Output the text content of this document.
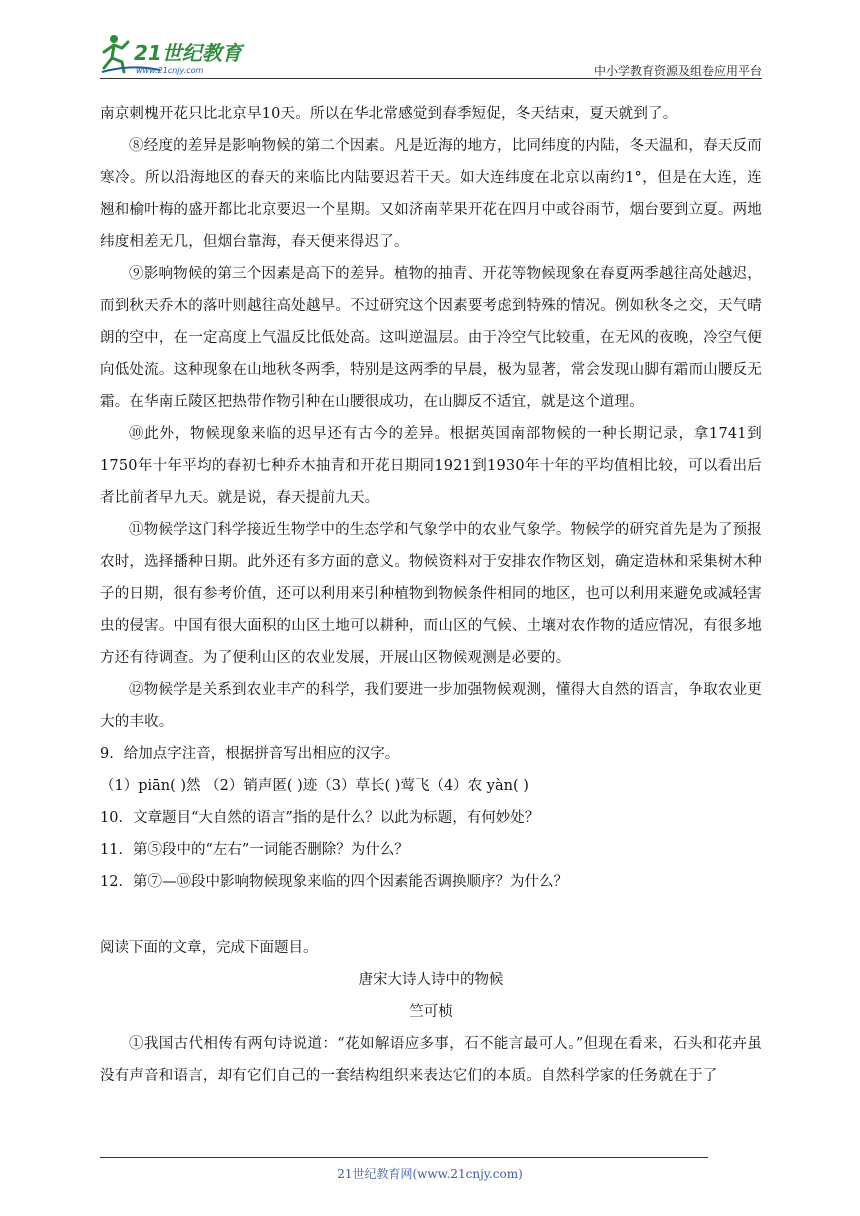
21世纪教育
www.21cnjy.com	中小学教育资源及组卷应用平台

南京刺槐开花只比北京早10天。所以在华北常感觉到春季短促，冬天结束，夏天就到了。

⑧经度的差异是影响物候的第二个因素。凡是近海的地方，比同纬度的内陆，冬天温和，春天反而寒冷。所以沿海地区的春天的来临比内陆要迟若干天。如大连纬度在北京以南约1°，但是在大连，连翘和榆叶梅的盛开都比北京要迟一个星期。又如济南苹果开花在四月中或谷雨节，烟台要到立夏。两地纬度相差无几，但烟台靠海，春天便来得迟了。

⑨影响物候的第三个因素是高下的差异。植物的抽青、开花等物候现象在春夏两季越往高处越迟，而到秋天乔木的落叶则越往高处越早。不过研究这个因素要考虑到特殊的情况。例如秋冬之交，天气晴朗的空中，在一定高度上气温反比低处高。这叫逆温层。由于冷空气比较重，在无风的夜晚，冷空气便向低处流。这种现象在山地秋冬两季，特别是这两季的早晨，极为显著，常会发现山脚有霜而山腰反无霜。在华南丘陵区把热带作物引种在山腰很成功，在山脚反不适宜，就是这个道理。

⑩此外，物候现象来临的迟早还有古今的差异。根据英国南部物候的一种长期记录，拿1741到1750年十年平均的春初七种乔木抽青和开花日期同1921到1930年十年的平均值相比较，可以看出后者比前者早九天。就是说，春天提前九天。

⑪物候学这门科学接近生物学中的生态学和气象学中的农业气象学。物候学的研究首先是为了预报农时，选择播种日期。此外还有多方面的意义。物候资料对于安排农作物区划，确定造林和采集树木种子的日期，很有参考价值，还可以利用来引种植物到物候条件相同的地区，也可以利用来避免或减轻害虫的侵害。中国有很大面积的山区土地可以耕种，而山区的气候、土壤对农作物的适应情况，有很多地方还有待调查。为了便利山区的农业发展，开展山区物候观测是必要的。

⑫物候学是关系到农业丰产的科学，我们要进一步加强物候观测，懂得大自然的语言，争取农业更大的丰收。

9．给加点字注音，根据拼音写出相应的汉字。

（1）piān( )然 （2）销声匿( )迹（3）草长( )莺飞（4）农 yàn( )

10．文章题目“大自然的语言”指的是什么？以此为标题，有何妙处？

11．第⑤段中的“左右”一词能否删除？为什么？

12．第⑦—⑩段中影响物候现象来临的四个因素能否调换顺序？为什么？

阅读下面的文章，完成下面题目。

唐宋大诗人诗中的物候

竺可桢

①我国古代相传有两句诗说道：“花如解语应多事，石不能言最可人。”但现在看来，石头和花卉虽没有声音和语言，却有它们自己的一套结构组织来表达它们的本质。自然科学家的任务就在于了

21世纪教育网(www.21cnjy.com)
